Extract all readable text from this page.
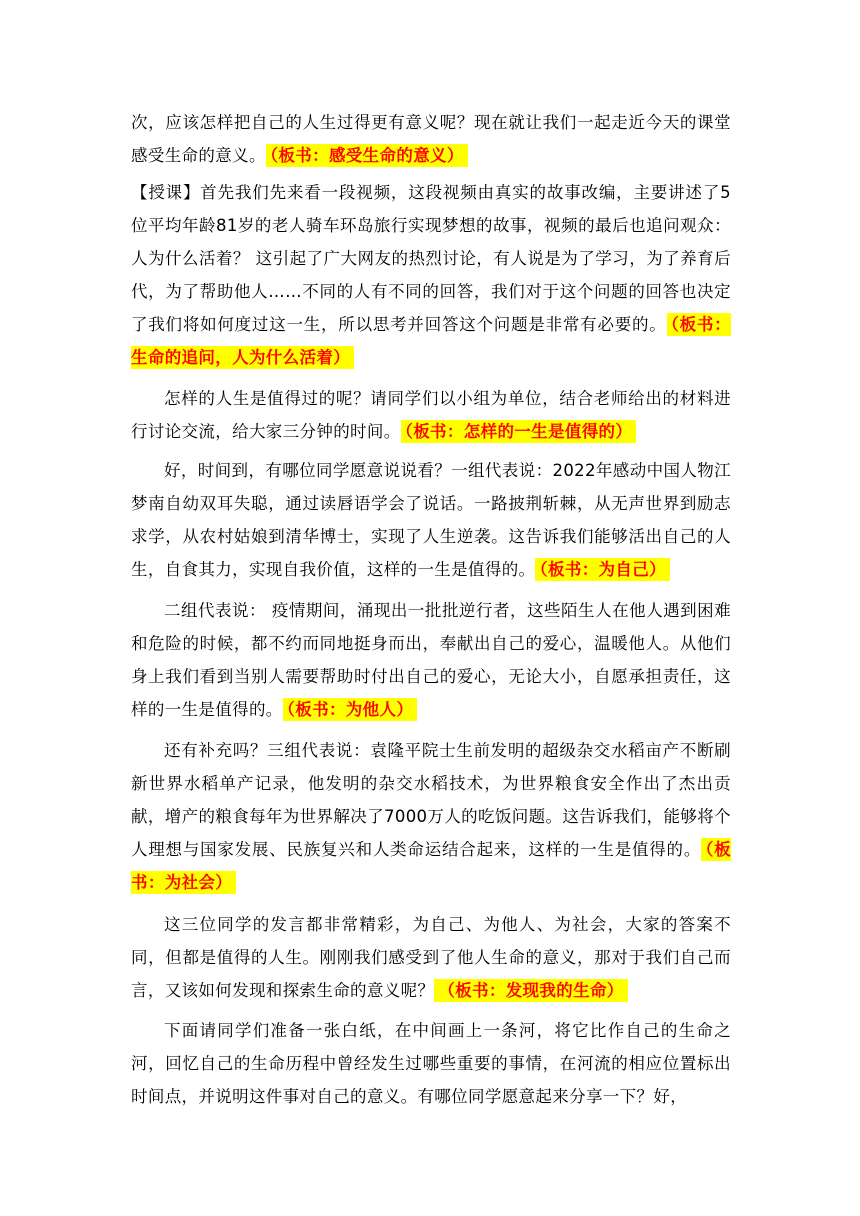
次，应该怎样把自己的人生过得更有意义呢？现在就让我们一起走近今天的课堂感受生命的意义。 （板书：感受生命的意义）

【授课】首先我们先来看一段视频，这段视频由真实的故事改编，主要讲述了5位平均年龄81岁的老人骑车环岛旅行实现梦想的故事，视频的最后也追问观众：人为什么活着？ 这引起了广大网友的热烈讨论，有人说是为了学习，为了养育后代，为了帮助他人……不同的人有不同的回答，我们对于这个问题的回答也决定了我们将如何度过这一生，所以思考并回答这个问题是非常有必要的。 （板书：生命的追问，人为什么活着）

怎样的人生是值得过的呢？请同学们以小组为单位，结合老师给出的材料进行讨论交流，给大家三分钟的时间。 （板书：怎样的一生是值得的）

好，时间到，有哪位同学愿意说说看？一组代表说：2022年感动中国人物江梦南自幼双耳失聪，通过读唇语学会了说话。一路披荆斩棘，从无声世界到励志求学，从农村姑娘到清华博士，实现了人生逆袭。这告诉我们能够活出自己的人生，自食其力，实现自我价值，这样的一生是值得的。 （板书：为自己）

二组代表说： 疫情期间，涌现出一批批逆行者，这些陌生人在他人遇到困难和危险的时候，都不约而同地挺身而出，奉献出自己的爱心，温暖他人。从他们身上我们看到当别人需要帮助时付出自己的爱心，无论大小，自愿承担责任，这样的一生是值得的。 （板书：为他人）

还有补充吗？三组代表说：袁隆平院士生前发明的超级杂交水稻亩产不断刷新世界水稻单产记录，他发明的杂交水稻技术，为世界粮食安全作出了杰出贡献，增产的粮食每年为世界解决了7000万人的吃饭问题。这告诉我们，能够将个人理想与国家发展、民族复兴和人类命运结合起来，这样的一生是值得的。 （板书：为社会）

这三位同学的发言都非常精彩，为自己、为他人、为社会，大家的答案不同，但都是值得的人生。刚刚我们感受到了他人生命的意义，那对于我们自己而言，又该如何发现和探索生命的意义呢？ （板书：发现我的生命）

下面请同学们准备一张白纸，在中间画上一条河，将它比作自己的生命之河，回忆自己的生命历程中曾经发生过哪些重要的事情，在河流的相应位置标出时间点，并说明这件事对自己的意义。有哪位同学愿意起来分享一下？好，
